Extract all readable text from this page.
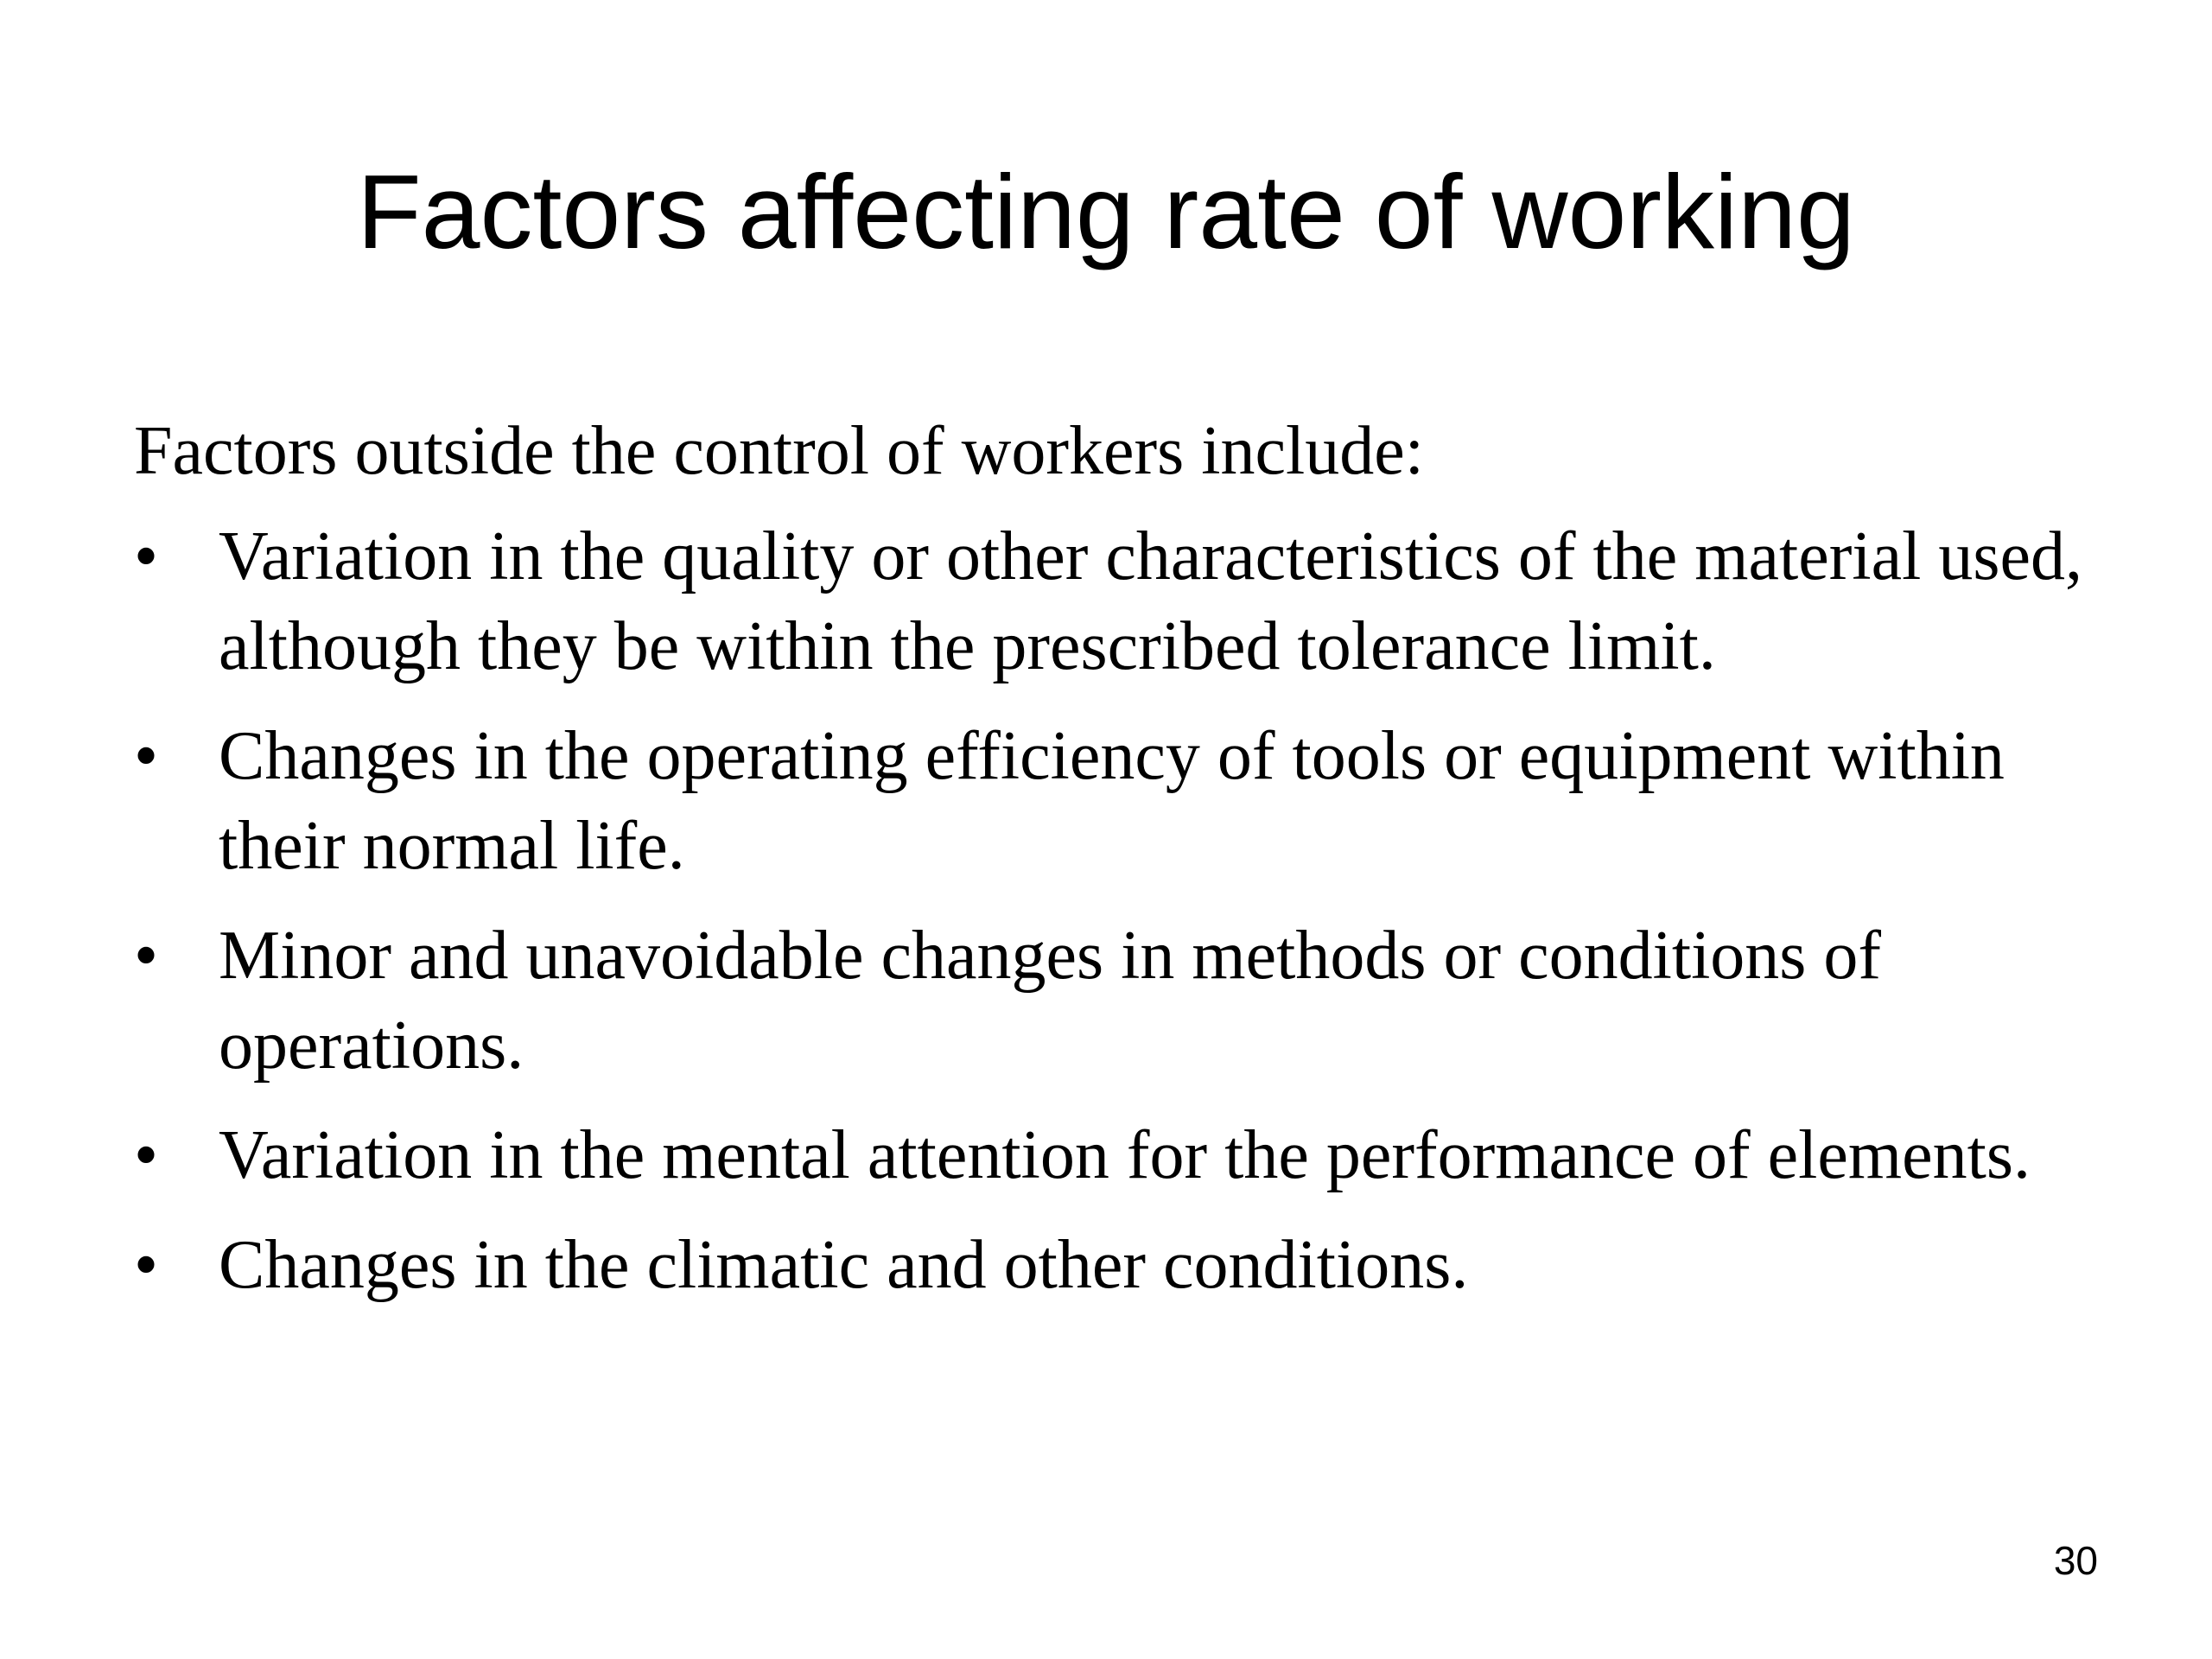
Factors affecting rate of working

Factors outside the control of workers include:

• Variation in the quality or other characteristics of the material used, although they be within the prescribed tolerance limit.
• Changes in the operating efficiency of tools or equipment within their normal life.
• Minor and unavoidable changes in methods or conditions of operations.
• Variation in the mental attention for the performance of elements.
• Changes in the climatic and other conditions.
30
